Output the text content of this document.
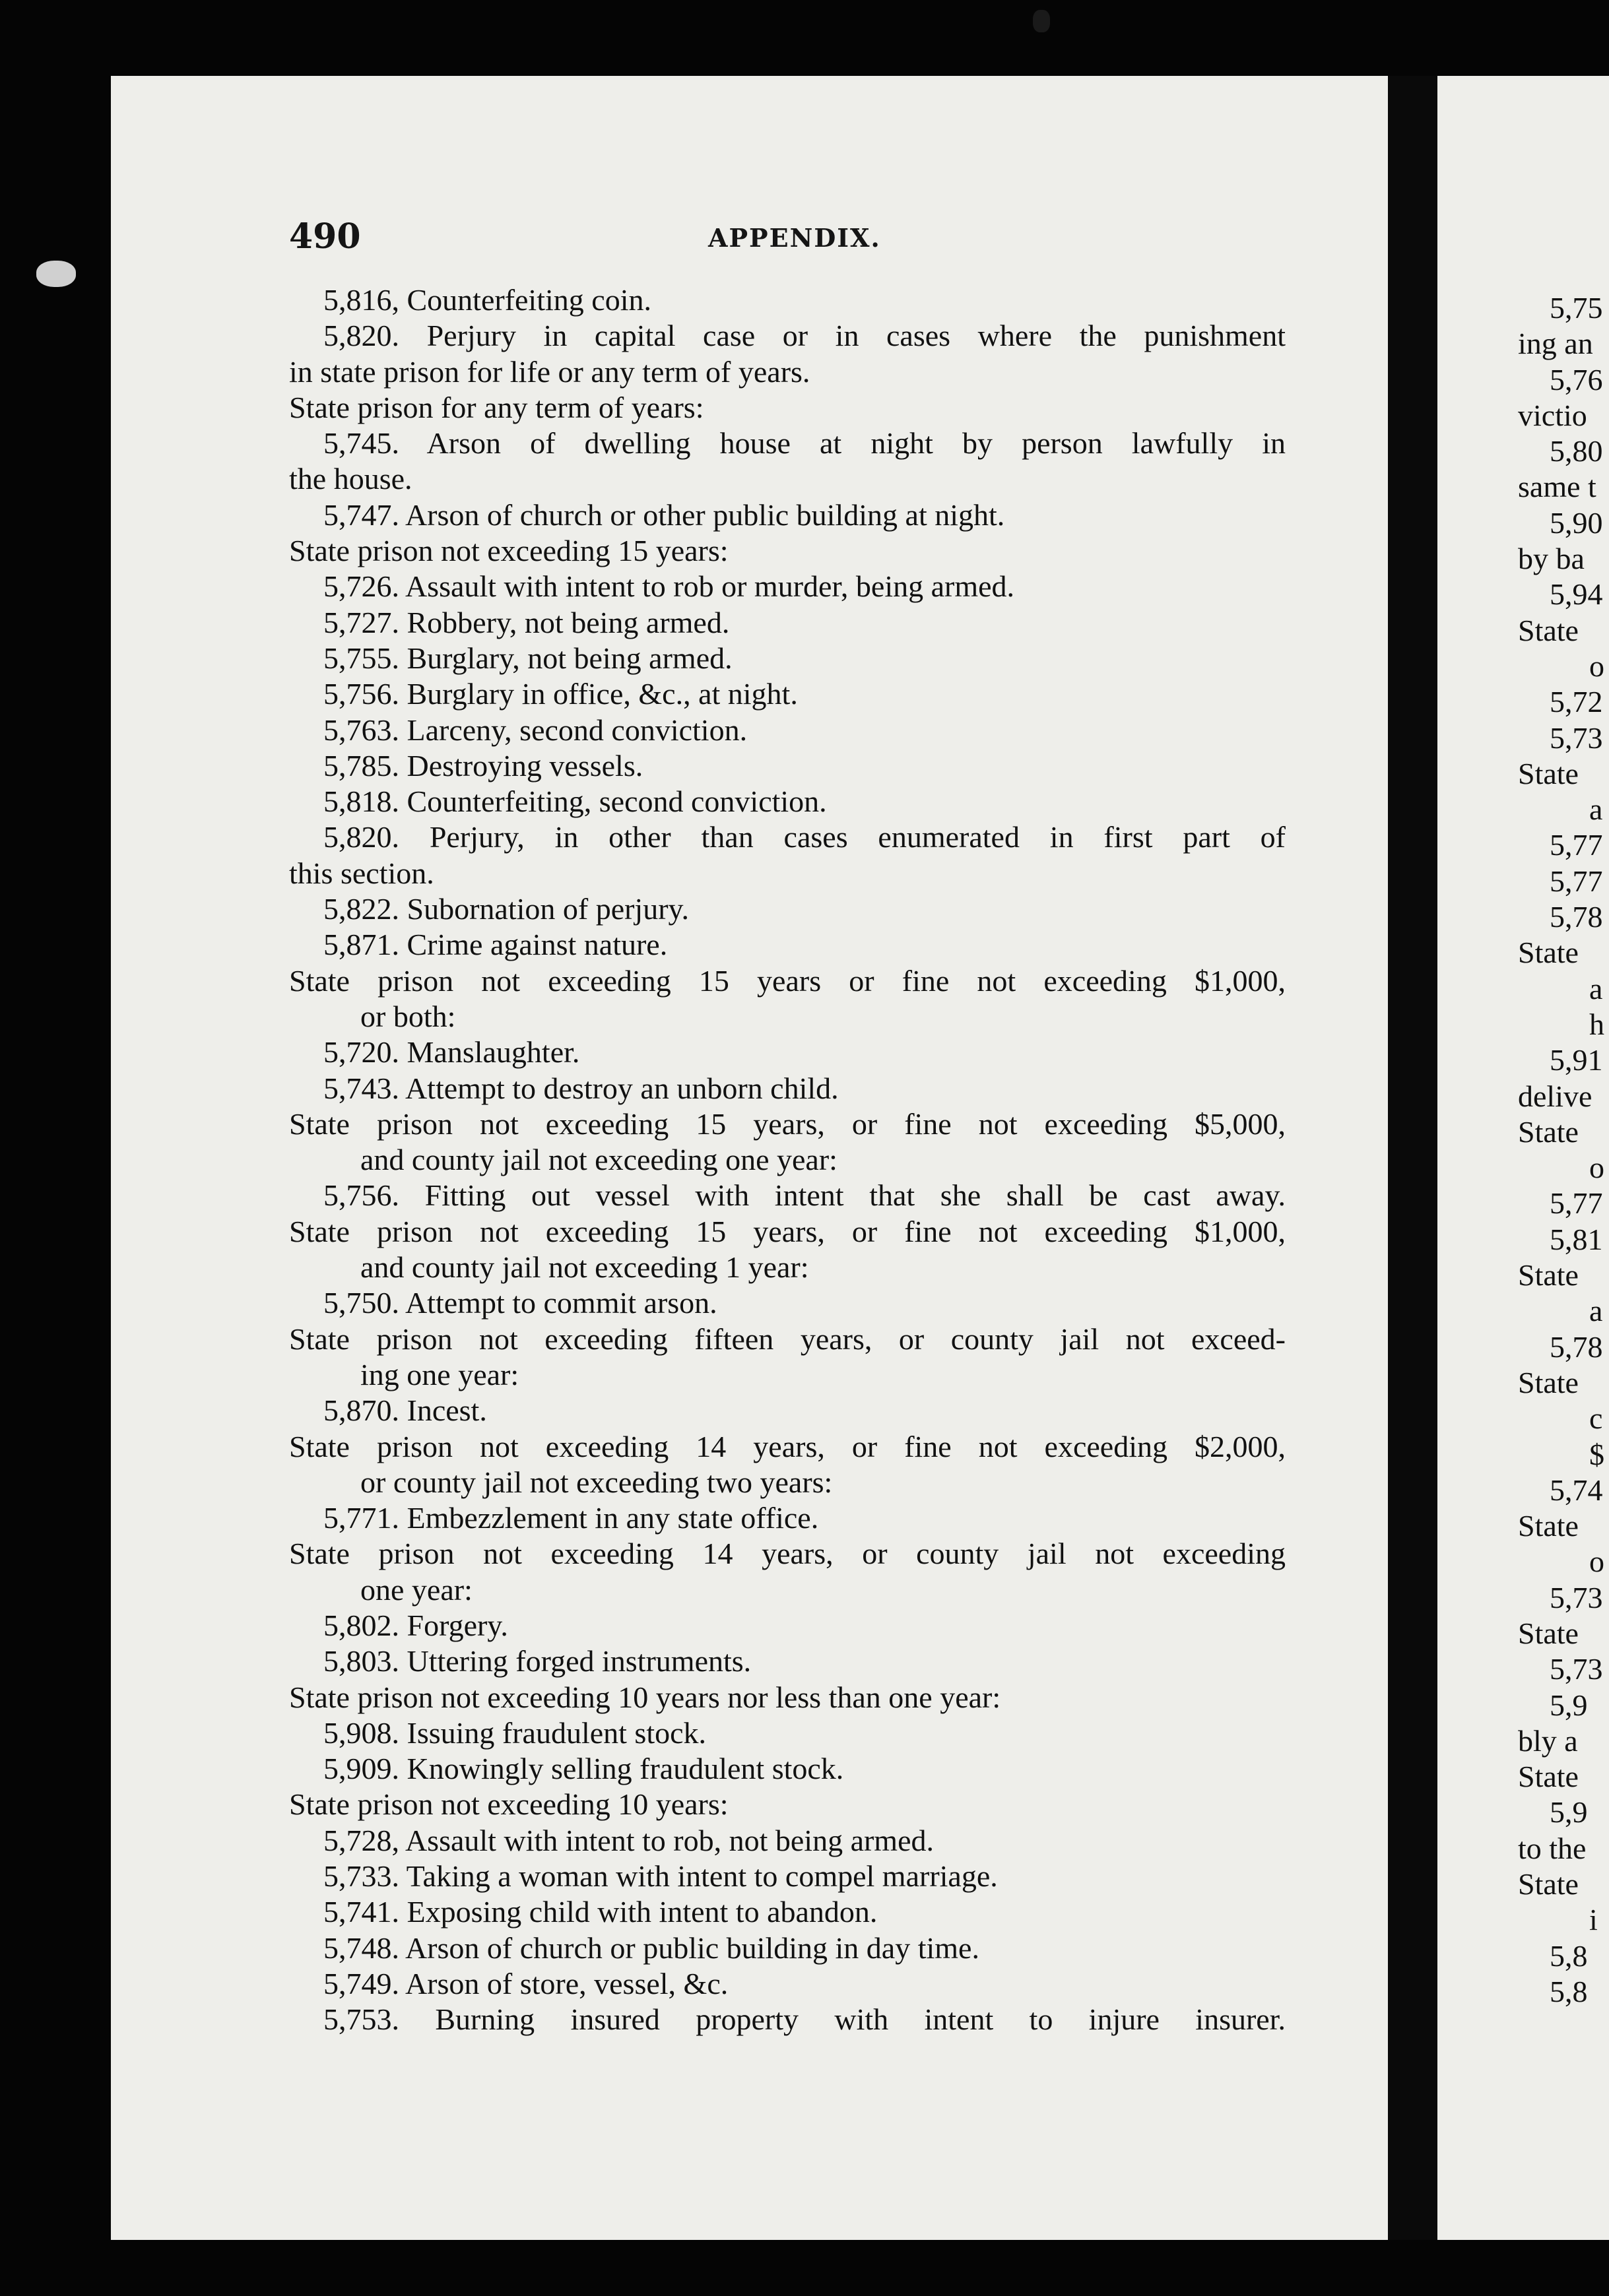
490	APPENDIX.
5,816, Counterfeiting coin.
5,820. Perjury in capital case or in cases where the punishment
in state prison for life or any term of years.
State prison for any term of years:
5,745. Arson of dwelling house at night by person lawfully in
the house.
5,747. Arson of church or other public building at night.
State prison not exceeding 15 years:
5,726. Assault with intent to rob or murder, being armed.
5,727. Robbery, not being armed.
5,755. Burglary, not being armed.
5,756. Burglary in office, &c., at night.
5,763. Larceny, second conviction.
5,785. Destroying vessels.
5,818. Counterfeiting, second conviction.
5,820. Perjury, in other than cases enumerated in first part of
this section.
5,822. Subornation of perjury.
5,871. Crime against nature.
State prison not exceeding 15 years or fine not exceeding $1,000,
or both:
5,720. Manslaughter.
5,743. Attempt to destroy an unborn child.
State prison not exceeding 15 years, or fine not exceeding $5,000,
and county jail not exceeding one year:
5,756. Fitting out vessel with intent that she shall be cast away.
State prison not exceeding 15 years, or fine not exceeding $1,000,
and county jail not exceeding 1 year:
5,750. Attempt to commit arson.
State prison not exceeding fifteen years, or county jail not exceed-
ing one year:
5,870. Incest.
State prison not exceeding 14 years, or fine not exceeding $2,000,
or county jail not exceeding two years:
5,771. Embezzlement in any state office.
State prison not exceeding 14 years, or county jail not exceeding
one year:
5,802. Forgery.
5,803. Uttering forged instruments.
State prison not exceeding 10 years nor less than one year:
5,908. Issuing fraudulent stock.
5,909. Knowingly selling fraudulent stock.
State prison not exceeding 10 years:
5,728, Assault with intent to rob, not being armed.
5,733. Taking a woman with intent to compel marriage.
5,741. Exposing child with intent to abandon.
5,748. Arson of church or public building in day time.
5,749. Arson of store, vessel, &c.
5,753. Burning insured property with intent to injure insurer.
5,75
ing an
5,76
victio
5,80
same t
5,90
by ba
5,94
State
o
5,72
5,73
State
a
5,77
5,77
5,78
State
a
h
5,91
delive
State
o
5,77
5,81
State
a
5,78
State
c
$
5,74
State
o
5,73
State
5,73
5,9
bly a
State
5,9
to the
State
i
5,8
5,8
